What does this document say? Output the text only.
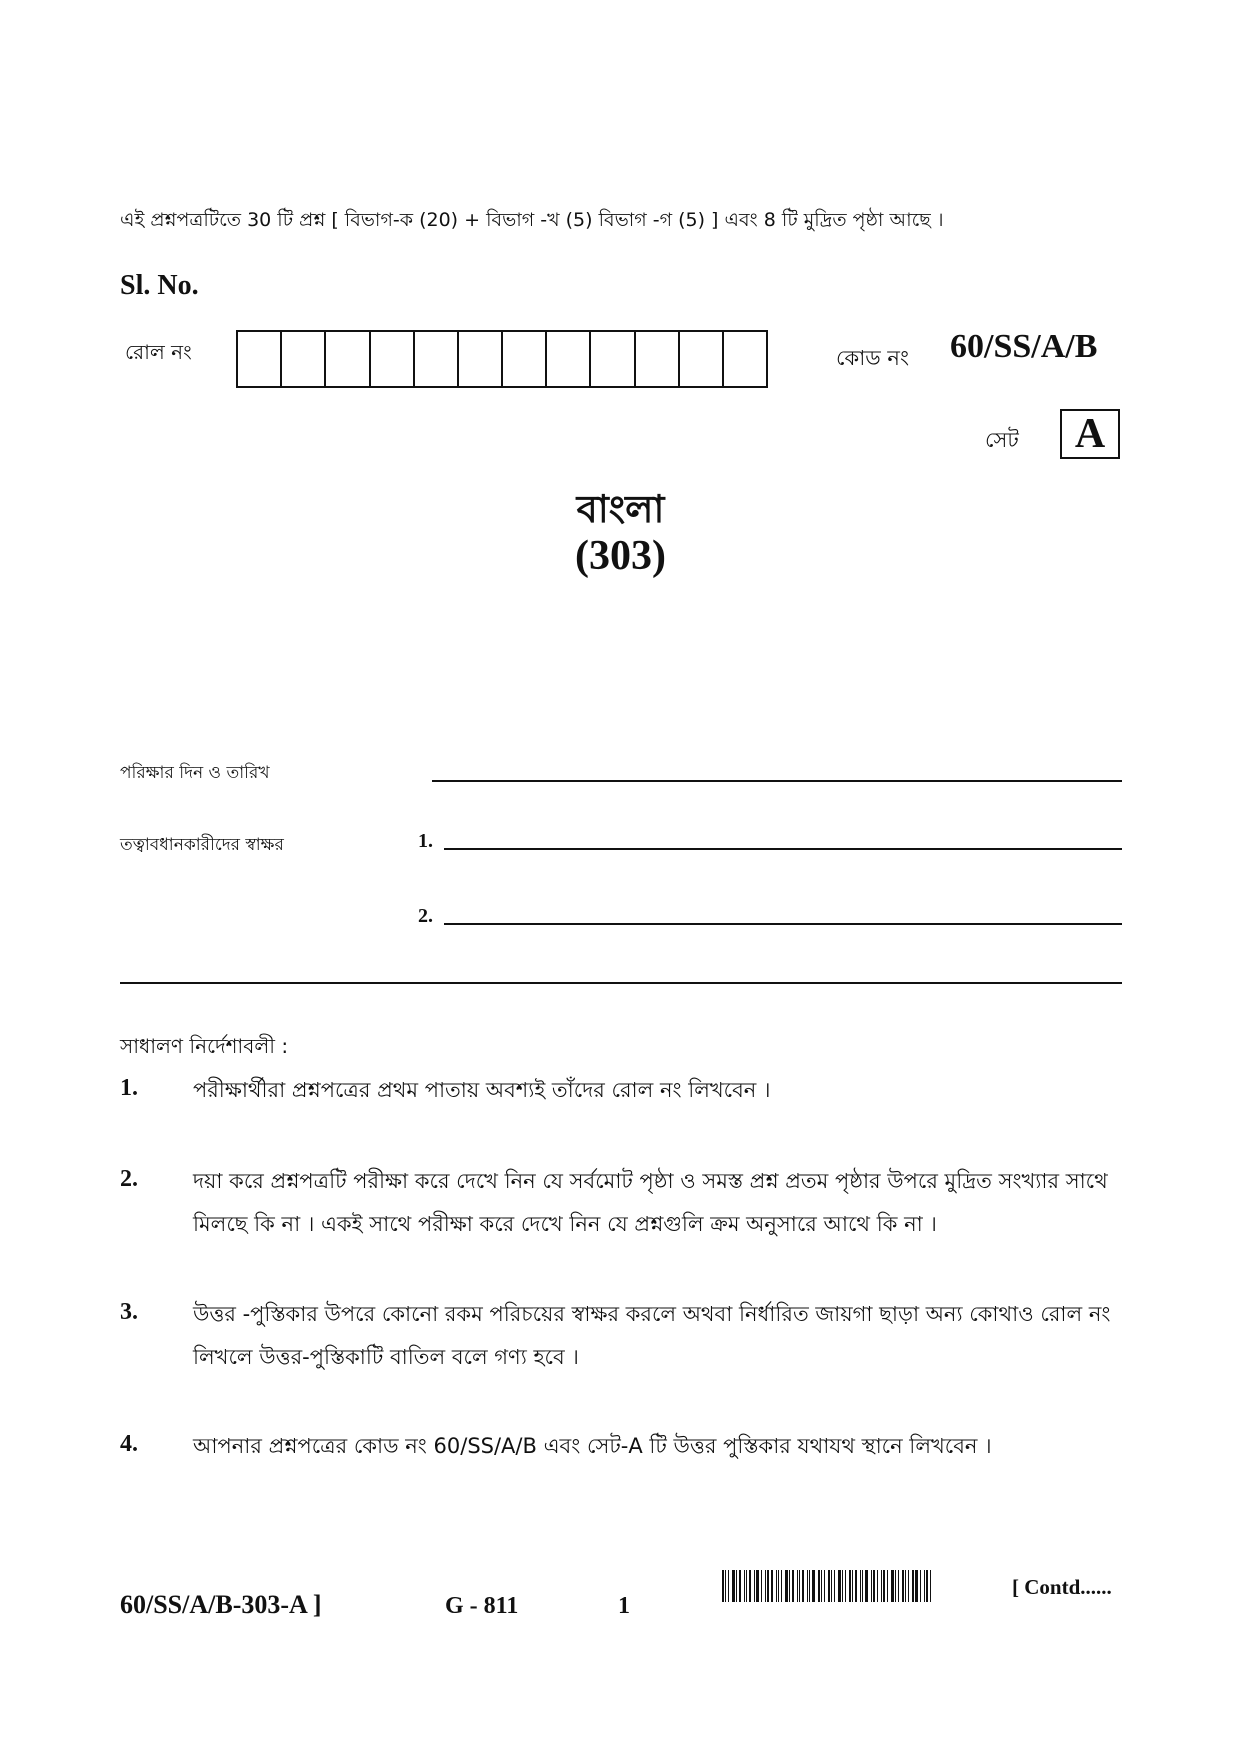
এই প্রশ্নপত্রটিতে 30 টি প্রশ্ন [ বিভাগ-ক (20) + বিভাগ -খ (5) বিভাগ -গ (5) ] এবং 8 টি মুদ্রিত পৃষ্ঠা আছে ।
Sl. No.
রোল নং	কোড নং 60/SS/A/B
সেট	A
বাংলা
(303)
পরিক্ষার দিন ও তারিখ
তত্বাবধানকারীদের স্বাক্ষর	1.
2.
সাধালণ নির্দেশাবলী :
1.	পরীক্ষার্থীরা প্রশ্নপত্রের প্রথম পাতায় অবশ্যই তাঁদের রোল নং লিখবেন ।
2.	দয়া করে প্রশ্নপত্রটি পরীক্ষা করে দেখে নিন যে সর্বমোট পৃষ্ঠা ও সমস্ত প্রশ্ন প্রতম পৃষ্ঠার উপরে মুদ্রিত সংখ্যার সাথে মিলছে কি না । একই সাথে পরীক্ষা করে দেখে নিন যে প্রশ্নগুলি ক্রম অনুসারে আথে কি না ।
3.	উত্তর -পুস্তিকার উপরে কোনো রকম পরিচয়ের স্বাক্ষর করলে অথবা নির্ধারিত জায়গা ছাড়া অন্য কোথাও রোল নং লিখলে উত্তর-পুস্তিকাটি বাতিল বলে গণ্য হবে ।
4.	আপনার প্রশ্নপত্রের কোড নং 60/SS/A/B এবং সেট-A টি উত্তর পুস্তিকার যথাযথ স্থানে লিখবেন ।
60/SS/A/B-303-A ]	G - 811	1
[ Contd......
